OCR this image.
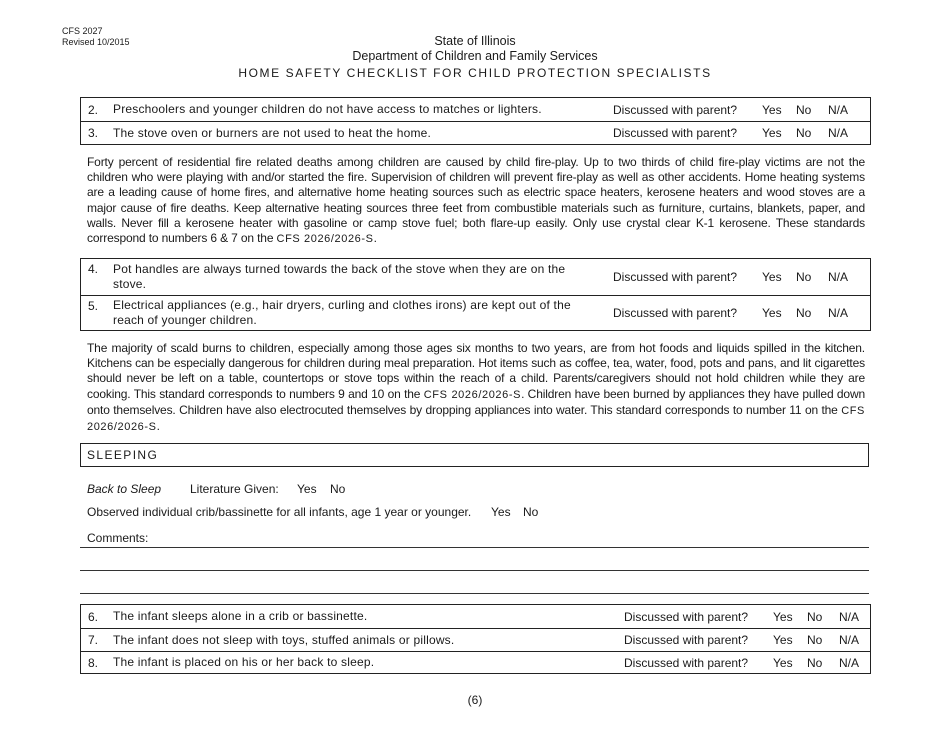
CFS 2027
Revised 10/2015	State of Illinois
Department of Children and Family Services
HOME SAFETY CHECKLIST FOR CHILD PROTECTION SPECIALISTS
2.	Preschoolers and younger children do not have access to matches or lighters.	Discussed with parent?	Yes	No	N/A
3.	The stove oven or burners are not used to heat the home.	Discussed with parent?	Yes	No	N/A
Forty percent of residential fire related deaths among children are caused by child fire-play. Up to two thirds of child fire-play victims are not the children who were playing with and/or started the fire. Supervision of children will prevent fire-play as well as other accidents. Home heating systems are a leading cause of home fires, and alternative home heating sources such as electric space heaters, kerosene heaters and wood stoves are a major cause of fire deaths. Keep alternative heating sources three feet from combustible materials such as furniture, curtains, blankets, paper, and walls. Never fill a kerosene heater with gasoline or camp stove fuel; both flare-up easily. Only use crystal clear K-1 kerosene. These standards correspond to numbers 6 & 7 on the CFS 2026/2026-S.
4.	Pot handles are always turned towards the back of the stove when they are on the stove.	Discussed with parent?	Yes	No	N/A
5.	Electrical appliances (e.g., hair dryers, curling and clothes irons) are kept out of the reach of younger children.	Discussed with parent?	Yes	No	N/A
The majority of scald burns to children, especially among those ages six months to two years, are from hot foods and liquids spilled in the kitchen. Kitchens can be especially dangerous for children during meal preparation. Hot items such as coffee, tea, water, food, pots and pans, and lit cigarettes should never be left on a table, countertops or stove tops within the reach of a child. Parents/caregivers should not hold children while they are cooking. This standard corresponds to numbers 9 and 10 on the CFS 2026/2026-S. Children have been burned by appliances they have pulled down onto themselves. Children have also electrocuted themselves by dropping appliances into water. This standard corresponds to number 11 on the CFS 2026/2026-S.
SLEEPING
Back to Sleep Literature Given: Yes No
Observed individual crib/bassinette for all infants, age 1 year or younger. Yes No
Comments:
6.	The infant sleeps alone in a crib or bassinette.	Discussed with parent?	Yes	No	N/A
7.	The infant does not sleep with toys, stuffed animals or pillows.	Discussed with parent?	Yes	No	N/A
8.	The infant is placed on his or her back to sleep.	Discussed with parent?	Yes	No	N/A
(6)
